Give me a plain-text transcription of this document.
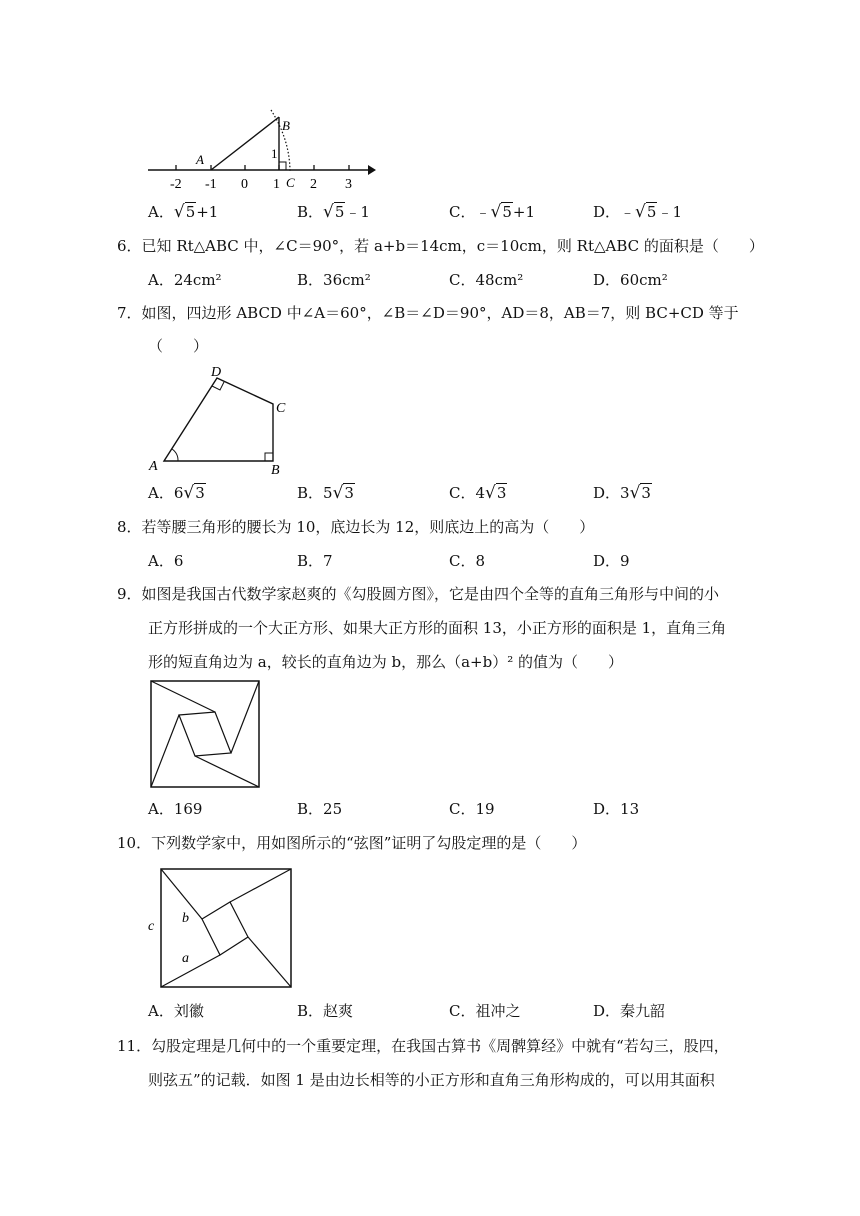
A
B
C
1
-2 -1 0 1 2 3
A．√5+1	B．√5﹣1	C．﹣√5+1	D．﹣√5﹣1
6．已知 Rt△ABC 中，∠C＝90°，若 a+b＝14cm，c＝10cm，则 Rt△ABC 的面积是（　　）
A．24cm²	B．36cm²	C．48cm²	D．60cm²
7．如图，四边形 ABCD 中∠A＝60°，∠B＝∠D＝90°，AD＝8，AB＝7，则 BC+CD 等于
（　　）
A	B
C
D
A．6√3	B．5√3	C．4√3	D．3√3
8．若等腰三角形的腰长为 10，底边长为 12，则底边上的高为（　　）
A．6	B．7	C．8	D．9
9．如图是我国古代数学家赵爽的《勾股圆方图》，它是由四个全等的直角三角形与中间的小
正方形拼成的一个大正方形、如果大正方形的面积 13，小正方形的面积是 1，直角三角
形的短直角边为 a，较长的直角边为 b，那么（a+b）² 的值为（　　）
A．169	B．25	C．19	D．13
10．下列数学家中，用如图所示的“弦图”证明了勾股定理的是（　　）
c
b
a
A．刘徽	B．赵爽	C．祖冲之	D．秦九韶
11．勾股定理是几何中的一个重要定理，在我国古算书《周髀算经》中就有“若勾三，股四，
则弦五”的记载．如图 1 是由边长相等的小正方形和直角三角形构成的，可以用其面积
